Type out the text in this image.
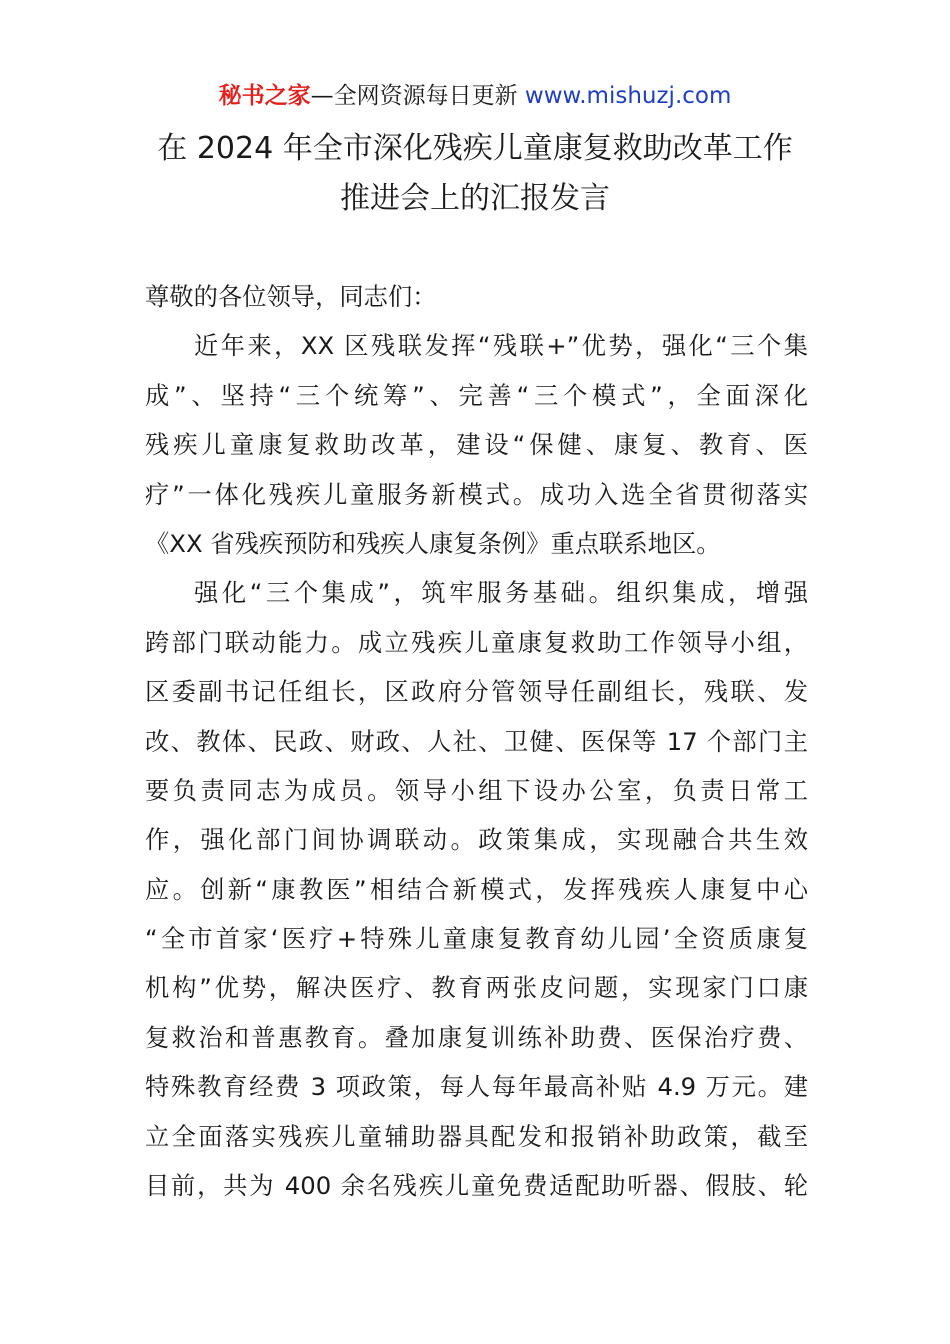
秘书之家—全网资源每日更新 www.mishuzj.com
在 2024 年全市深化残疾儿童康复救助改革工作
推进会上的汇报发言
尊敬的各位领导，同志们：
近年来，XX 区残联发挥“残联+”优势，强化“三个集
成”、坚持“三个统筹”、完善“三个模式”，全面深化
残疾儿童康复救助改革，建设“保健、康复、教育、医
疗”一体化残疾儿童服务新模式。成功入选全省贯彻落实
《XX 省残疾预防和残疾人康复条例》重点联系地区。
强化“三个集成”，筑牢服务基础。组织集成，增强
跨部门联动能力。成立残疾儿童康复救助工作领导小组，
区委副书记任组长，区政府分管领导任副组长，残联、发
改、教体、民政、财政、人社、卫健、医保等 17 个部门主
要负责同志为成员。领导小组下设办公室，负责日常工
作，强化部门间协调联动。政策集成，实现融合共生效
应。创新“康教医”相结合新模式，发挥残疾人康复中心
“全市首家‘医疗+特殊儿童康复教育幼儿园’全资质康复
机构”优势，解决医疗、教育两张皮问题，实现家门口康
复救治和普惠教育。叠加康复训练补助费、医保治疗费、
特殊教育经费 3 项政策，每人每年最高补贴 4.9 万元。建
立全面落实残疾儿童辅助器具配发和报销补助政策，截至
目前，共为 400 余名残疾儿童免费适配助听器、假肢、轮
